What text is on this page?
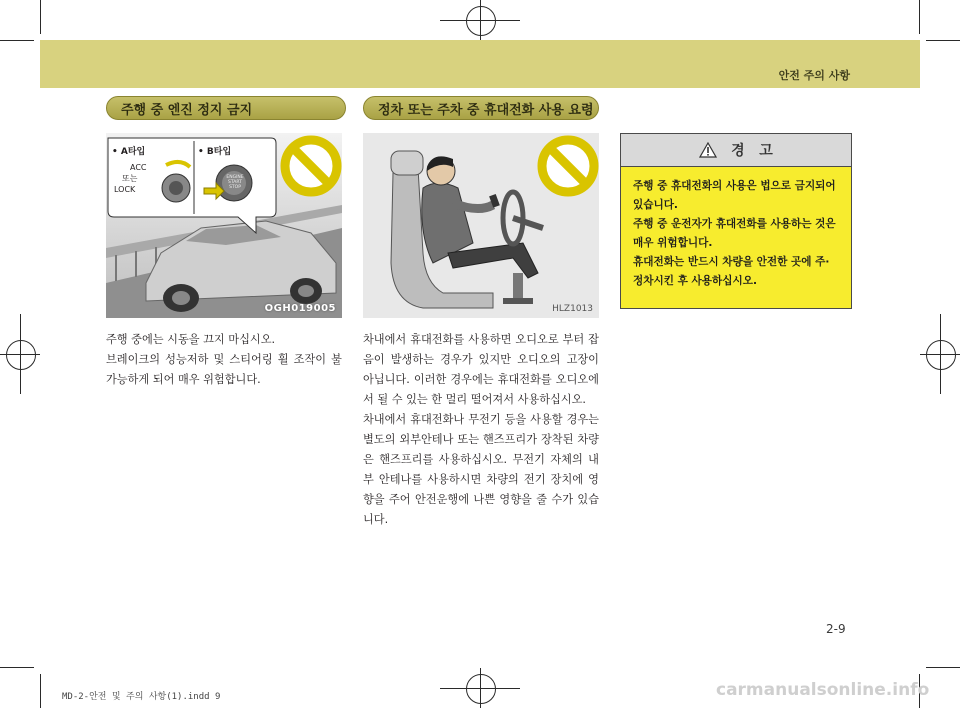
안전 주의 사항
주행 중 엔진 정지 금지
• A타입	• B타입
ACC
또는
LOCK
ENGINE START STOP
OGH019005

주행 중에는 시동을 끄지 마십시오.

브레이크의 성능저하 및 스티어링 휠 조작이 불가능하게 되어 매우 위험합니다.

정차 또는 주차 중 휴대전화 사용 요령
HLZ1013

차내에서 휴대전화를 사용하면 오디오로 부터 잡음이 발생하는 경우가 있지만 오디오의 고장이 아닙니다. 이러한 경우에는 휴대전화를 오디오에서 될 수 있는 한 멀리 떨어져서 사용하십시오.

차내에서 휴대전화나 무전기 등을 사용할 경우는 별도의 외부안테나 또는 핸즈프리가 장착된 차량은 핸즈프리를 사용하십시오. 무전기 자체의 내부 안테나를 사용하시면 차량의 전기 장치에 영향을 주어 안전운행에 나쁜 영향을 줄 수가 있습니다.

경   고

주행 중 휴대전화의 사용은 법으로 금지되어 있습니다.

주행 중 운전자가 휴대전화를 사용하는 것은 매우 위험합니다.

휴대전화는 반드시 차량을 안전한 곳에 주·정차시킨 후 사용하십시오.

2-9
MD-2-안전 및 주의 사항(1).indd 9	carmanualsonline.info
